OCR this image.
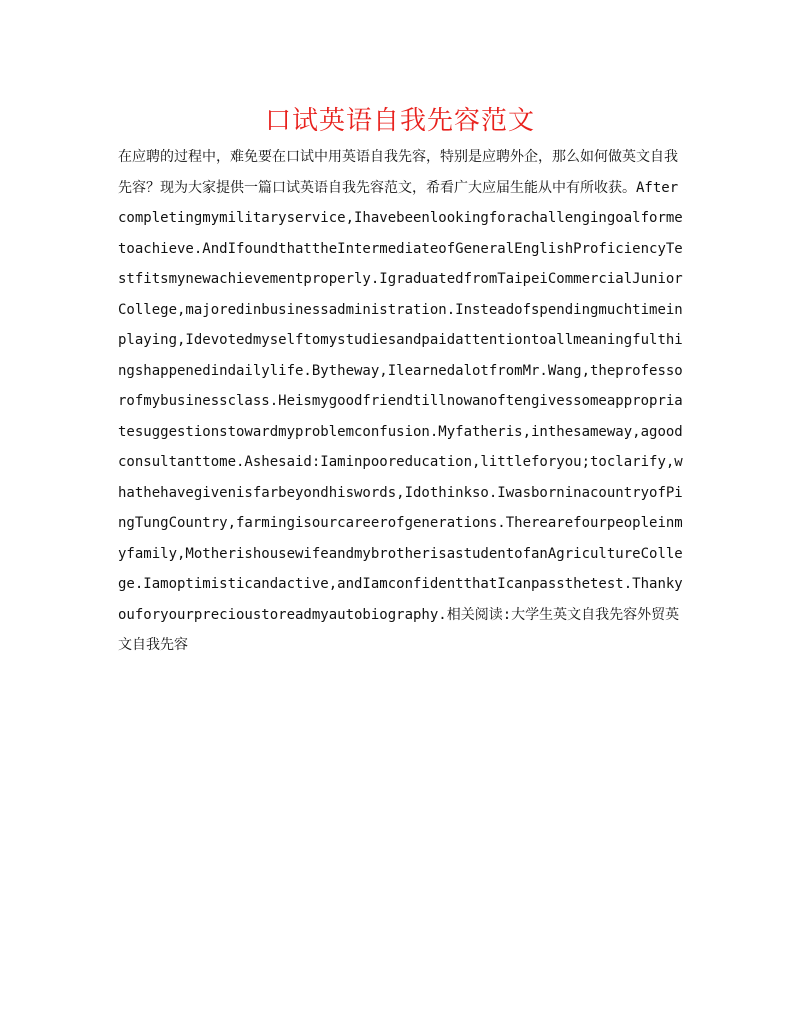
口试英语自我先容范文
在应聘的过程中，难免要在口试中用英语自我先容，特别是应聘外企，那么如何做英文自我先容？现为大家提供一篇口试英语自我先容范文，希看广大应届生能从中有所收获。Aftercompletingmymilitaryservice,Ihavebeenlookingforachallengingoalformetoachieve.AndIfoundthattheIntermediateofGeneralEnglishProficiencyTestfitsmynewachievementproperly.IgraduatedfromTaipeiCommercialJuniorCollege,majoredinbusinessadministration.Insteadofspendingmuchtimeinplaying,Idevotedmyselftomystudiesandpaidattentiontoallmeaningfulthingshappenedindailylife.Bytheway,IlearnedalotfromMr.Wang,theprofessorofmybusinessclass.Heismygoodfriendtillnowanoftengivessomeappropriatesuggestionstowardmyproblemconfusion.Myfatheris,inthesameway,agoodconsultanttome.Ashesaid:Iaminpooreducation,littleforyou;toclarify,whathehavegivenisfarbeyondhiswords,Idothinkso.IwasborninacountryofPingTungCountry,farmingisourcareerofgenerations.Therearefourpeopleinmyfamily,MotherishousewifeandmybrotherisastudentofanAgricultureCollege.Iamoptimisticandactive,andIamconfidentthatIcanpassthetest.Thankyouforyourprecioustoreadmyautobiography.相关阅读:大学生英文自我先容外贸英文自我先容
